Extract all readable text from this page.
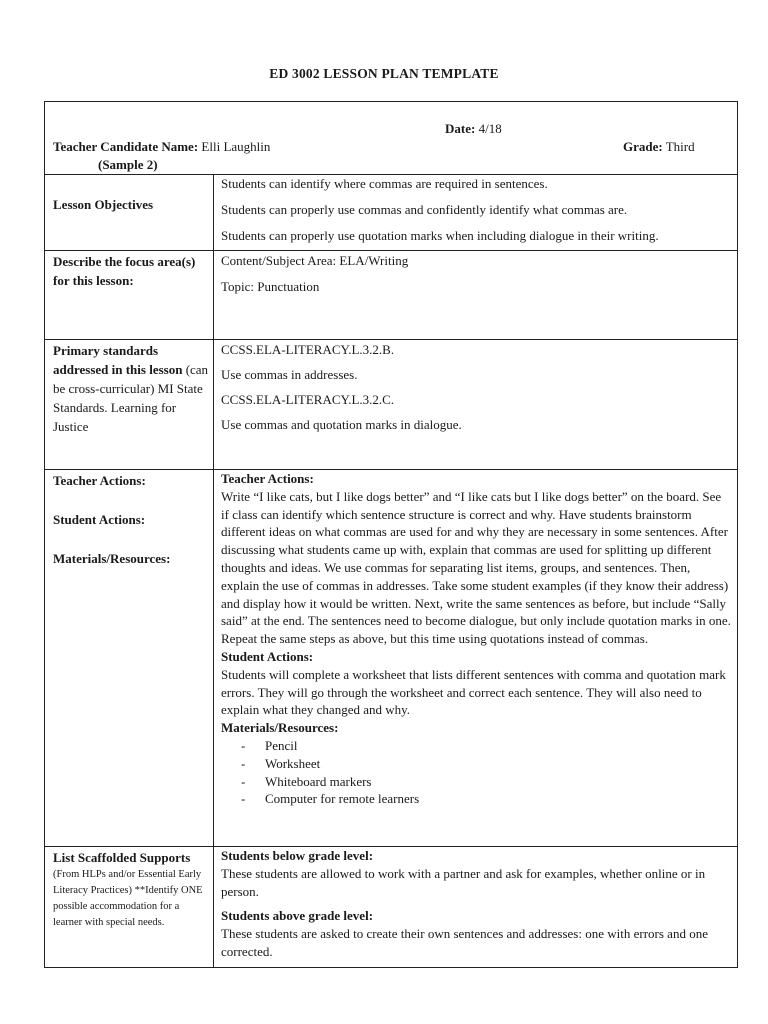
ED 3002 LESSON PLAN TEMPLATE
Date: 4/18
Teacher Candidate Name: Elli Laughlin	Grade: Third
(Sample 2)
Lesson Objectives

Students can identify where commas are required in sentences.

Students can properly use commas and confidently identify what commas are.

Students can properly use quotation marks when including dialogue in their writing.

Describe the focus area(s) for this lesson:

Content/Subject Area: ELA/Writing

Topic: Punctuation

Primary standards addressed in this lesson (can be cross-curricular) MI State Standards. Learning for Justice

CCSS.ELA-LITERACY.L.3.2.B.

Use commas in addresses.

CCSS.ELA-LITERACY.L.3.2.C.

Use commas and quotation marks in dialogue.

Teacher Actions:
Student Actions:
Materials/Resources:
Teacher Actions:

Write “I like cats, but I like dogs better” and “I like cats but I like dogs better” on the board. See if class can identify which sentence structure is correct and why. Have students brainstorm different ideas on what commas are used for and why they are necessary in some sentences. After discussing what students came up with, explain that commas are used for splitting up different thoughts and ideas. We use commas for separating list items, groups, and sentences. Then, explain the use of commas in addresses. Take some student examples (if they know their address) and display how it would be written. Next, write the same sentences as before, but include “Sally said” at the end. The sentences need to become dialogue, but only include quotation marks in one. Repeat the same steps as above, but this time using quotations instead of commas.

Student Actions:

Students will complete a worksheet that lists different sentences with comma and quotation mark errors. They will go through the worksheet and correct each sentence. They will also need to explain what they changed and why.

Materials/Resources:
- Pencil
- Worksheet
- Whiteboard markers
- Computer for remote learners
List Scaffolded Supports
(From HLPs and/or Essential Early Literacy Practices) **Identify ONE possible accommodation for a learner with special needs.
Students below grade level:

These students are allowed to work with a partner and ask for examples, whether online or in person.

Students above grade level:

These students are asked to create their own sentences and addresses: one with errors and one corrected.
